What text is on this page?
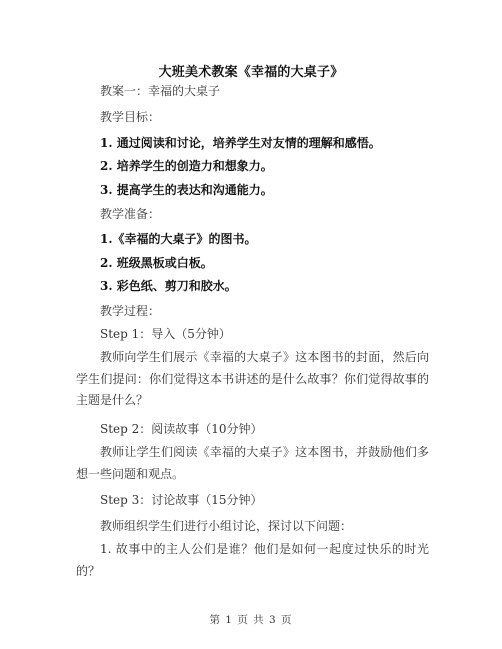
大班美术教案《幸福的大桌子》
教案一：幸福的大桌子
教学目标：
1. 通过阅读和讨论，培养学生对友情的理解和感悟。
2. 培养学生的创造力和想象力。
3. 提高学生的表达和沟通能力。
教学准备：
1.《幸福的大桌子》的图书。
2. 班级黑板或白板。
3. 彩色纸、剪刀和胶水。
教学过程：
Step 1：导入（5分钟）
教师向学生们展示《幸福的大桌子》这本图书的封面，然后向学生们提问：你们觉得这本书讲述的是什么故事？你们觉得故事的主题是什么？
Step 2：阅读故事（10分钟）
教师让学生们阅读《幸福的大桌子》这本图书，并鼓励他们多想一些问题和观点。
Step 3：讨论故事（15分钟）
教师组织学生们进行小组讨论，探讨以下问题：
1. 故事中的主人公们是谁？他们是如何一起度过快乐的时光的？
第 1 页 共 3 页
